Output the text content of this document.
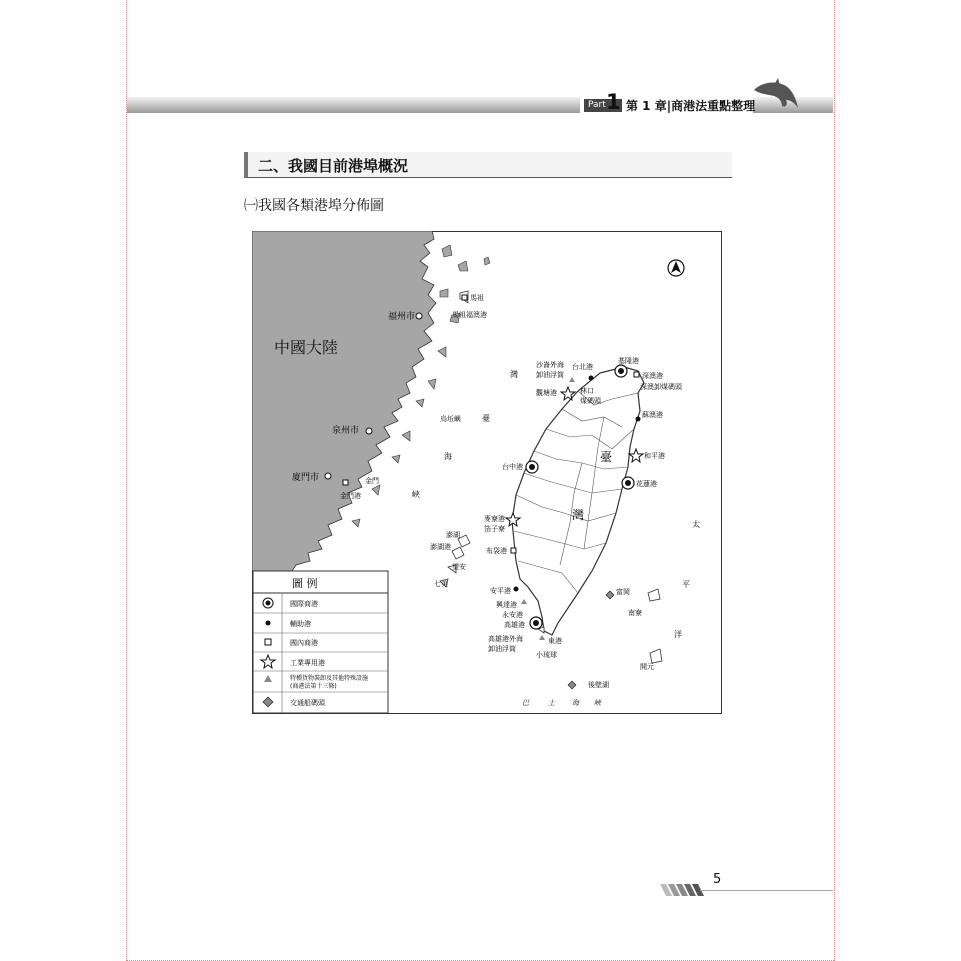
Part 1 第 1 章|商港法重點整理
二、我國目前港埠概況
㈠我國各類港埠分佈圖
中國大陸
福州市
泉州市
廈門市	金門
金門港
馬祖
馬祖福澳港
烏坵嶼	臺
海
峽
灣
臺
灣
太
平
洋
巴	士 海 峽
基隆港
深澳港
深澳卸煤碼頭
蘇澳港
和平港
花蓮港
台北港
沙崙外海
卸油浮筒
觀塘港	林口
煤碼頭
台中港
麥寮港
箔子寮
布袋港
澎湖
澎湖港
望安
七美
安平港
興達港
永安港
高雄港
高雄港外海
卸油浮筒
東港
小琉球
富岡
南寮
開元
後壁湖
圖 例
國際商港
輔助港
國內商港
工業專用港
特種貨物裝卸及其他特殊設施
(商港法第十三條)
交通船碼頭
5
